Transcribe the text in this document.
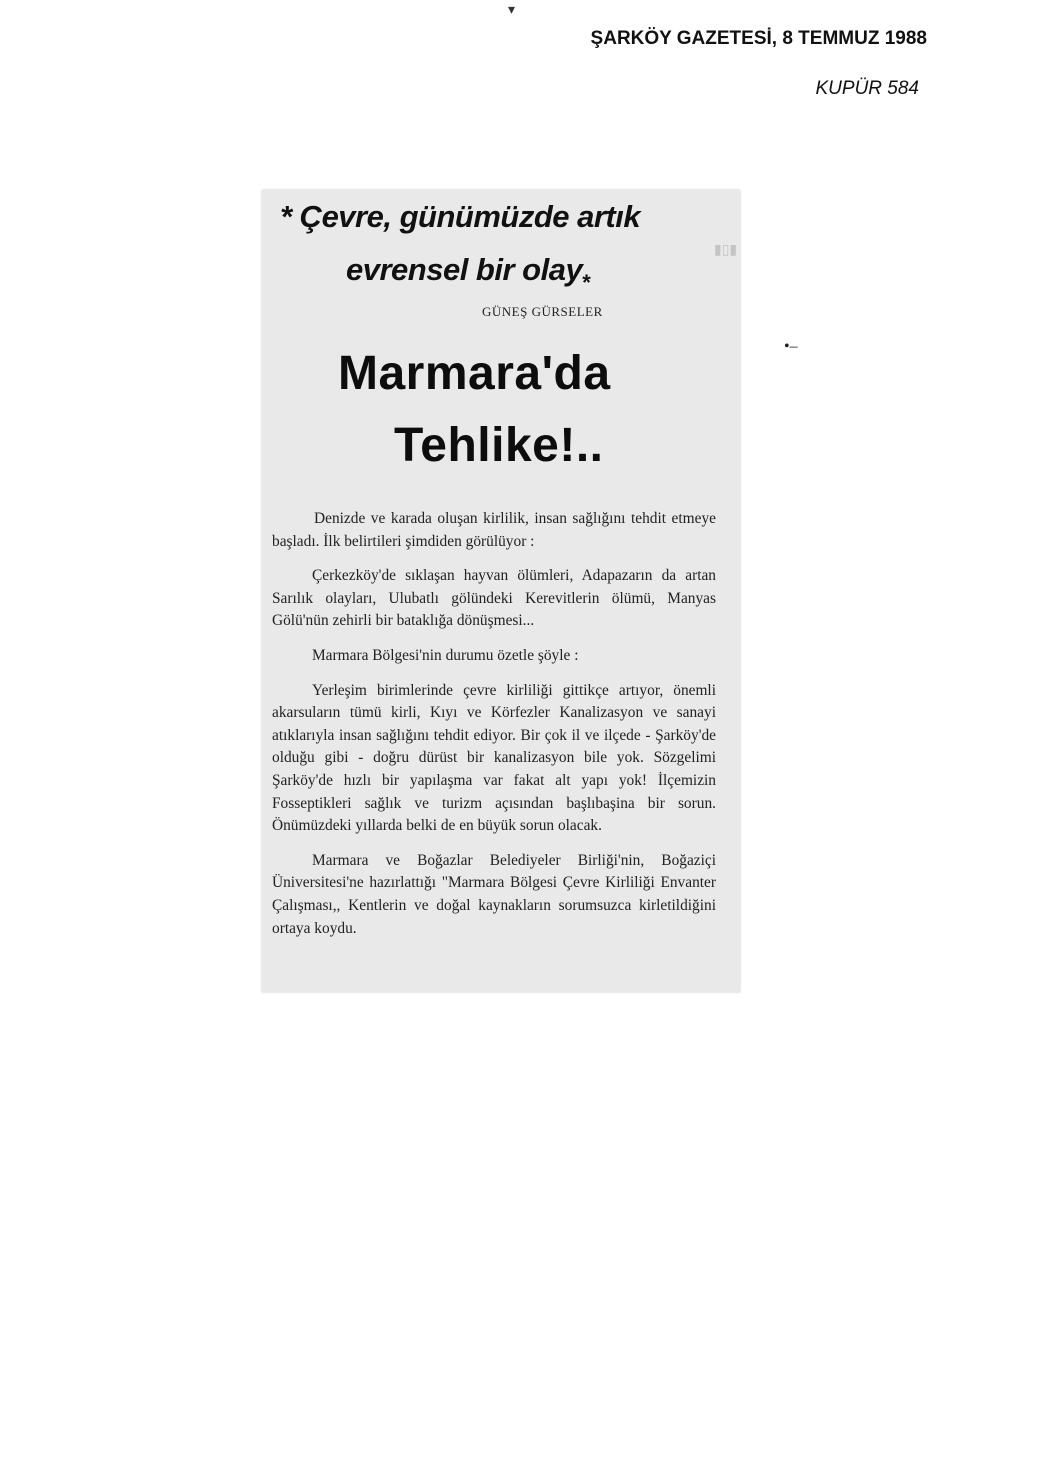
▾
ŞARKÖY GAZETESİ, 8 TEMMUZ 1988
KUPÜR 584
•–
▮▯▮
* Çevre, günümüzde artık
evrensel bir olay$_*$
GÜNEŞ GÜRSELER
Marmara'da
Tehlike!..

Denizde ve karada oluşan kirlilik, insan sağlığını tehdit etmeye başladı. İlk belirtileri şimdiden görülüyor :

Çerkezköy'de sıklaşan hayvan ölümleri, Adapazarın da artan Sarılık olayları, Ulubatlı gölündeki Kerevitlerin ölümü, Manyas Gölü'nün zehirli bir bataklığa dönüşmesi...

Marmara Bölgesi'nin durumu özetle şöyle :

Yerleşim birimlerinde çevre kirliliği gittikçe artıyor, önemli akarsuların tümü kirli, Kıyı ve Körfezler Kanalizasyon ve sanayi atıklarıyla insan sağlığını tehdit ediyor. Bir çok il ve ilçede - Şarköy'de olduğu gibi - doğru dürüst bir kanalizasyon bile yok. Sözgelimi Şarköy'de hızlı bir yapılaşma var fakat alt yapı yok! İlçemizin Fosseptikleri sağlık ve turizm açısından başlıbaşina bir sorun. Önümüzdeki yıllarda belki de en büyük sorun olacak.

Marmara ve Boğazlar Belediyeler Birliği'nin, Boğaziçi Üniversitesi'ne hazırlattığı "Marmara Bölgesi Çevre Kirliliği Envanter Çalışması,, Kentlerin ve doğal kaynakların sorumsuzca kirletildiğini ortaya koydu.
